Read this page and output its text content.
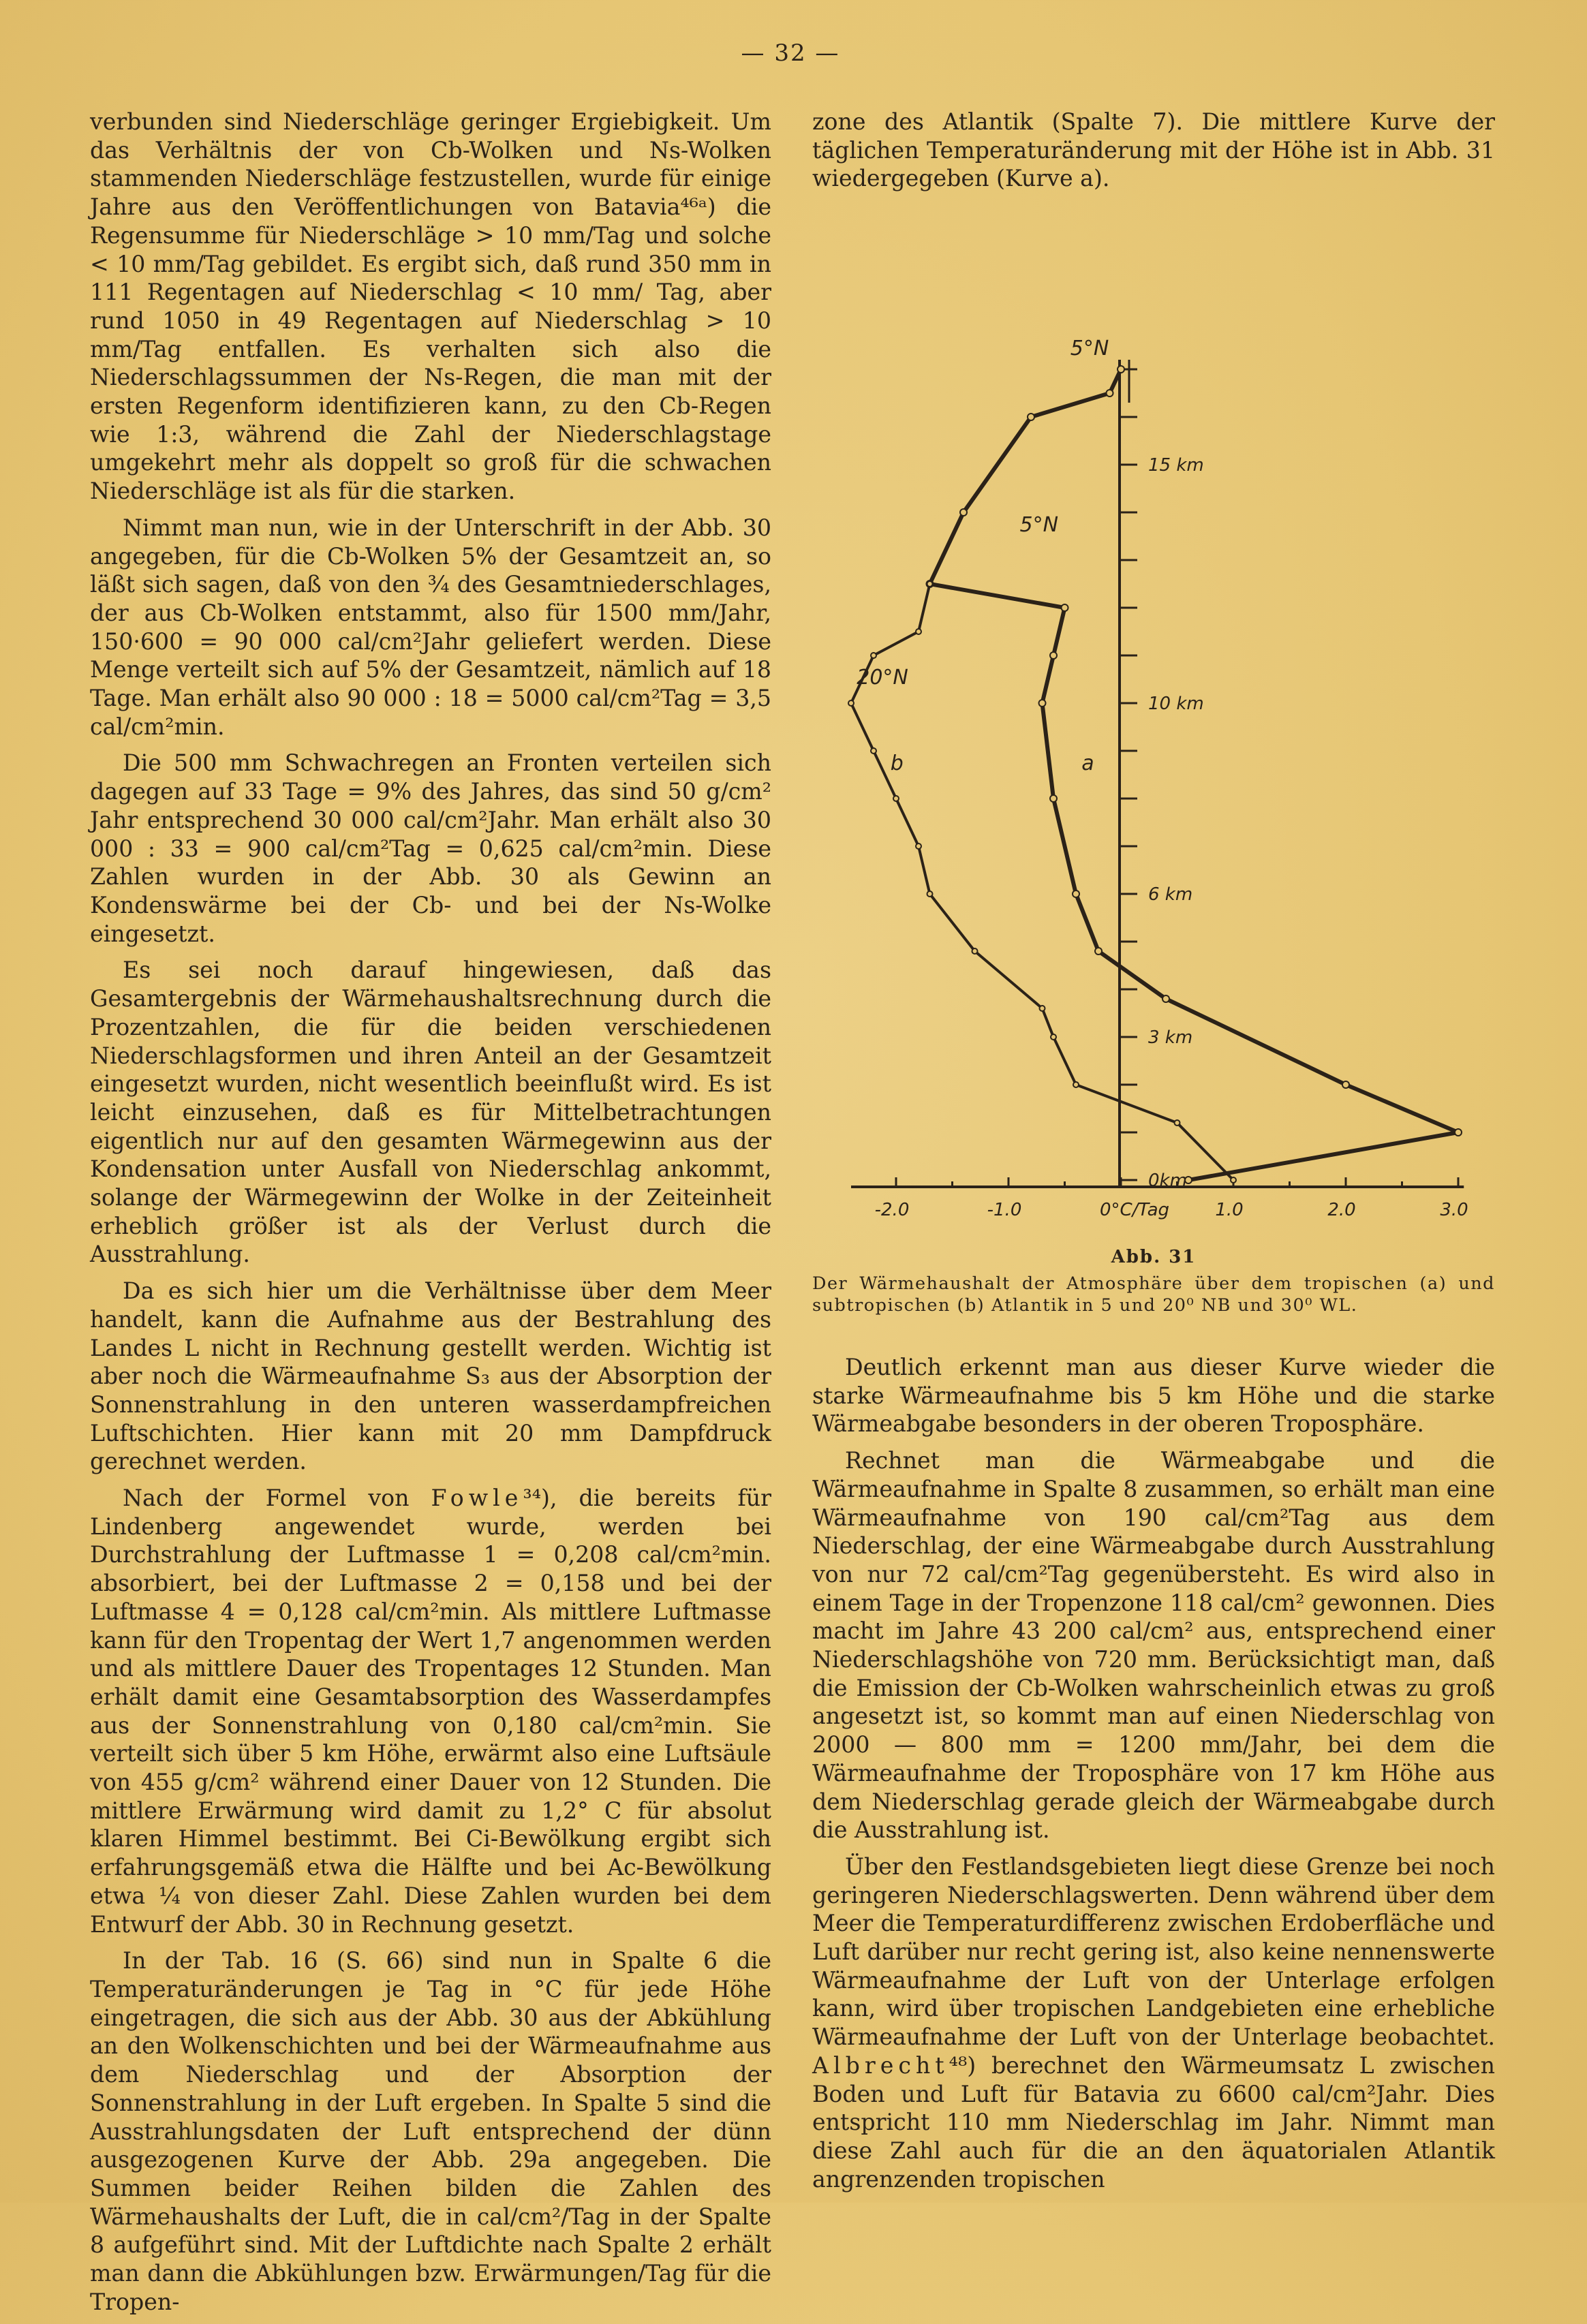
— 32 —

verbunden sind Niederschläge geringer Ergiebigkeit. Um das Verhältnis der von Cb-Wolken und Ns-Wolken stammenden Niederschläge festzustellen, wurde für einige Jahre aus den Veröffentlichungen von Batavia⁴⁶ᵃ) die Regensumme für Niederschläge > 10 mm/Tag und solche < 10 mm/Tag gebildet. Es ergibt sich, daß rund 350 mm in 111 Regentagen auf Niederschlag < 10 mm/ Tag, aber rund 1050 in 49 Regentagen auf Niederschlag > 10 mm/Tag entfallen. Es verhalten sich also die Niederschlagssummen der Ns-Regen, die man mit der ersten Regenform identifizieren kann, zu den Cb-Regen wie 1:3, während die Zahl der Niederschlagstage umgekehrt mehr als doppelt so groß für die schwachen Niederschläge ist als für die starken.

Nimmt man nun, wie in der Unterschrift in der Abb. 30 angegeben, für die Cb-Wolken 5% der Gesamtzeit an, so läßt sich sagen, daß von den ¾ des Gesamtniederschlages, der aus Cb-Wolken entstammt, also für 1500 mm/Jahr, 150·600 = 90 000 cal/cm²Jahr geliefert werden. Diese Menge verteilt sich auf 5% der Gesamtzeit, nämlich auf 18 Tage. Man erhält also 90 000 : 18 = 5000 cal/cm²Tag = 3,5 cal/cm²min.

Die 500 mm Schwachregen an Fronten verteilen sich dagegen auf 33 Tage = 9% des Jahres, das sind 50 g/cm² Jahr entsprechend 30 000 cal/cm²Jahr. Man erhält also 30 000 : 33 = 900 cal/cm²Tag = 0,625 cal/cm²min. Diese Zahlen wurden in der Abb. 30 als Gewinn an Kondenswärme bei der Cb- und bei der Ns-Wolke eingesetzt.

Es sei noch darauf hingewiesen, daß das Gesamtergebnis der Wärmehaushaltsrechnung durch die Prozentzahlen, die für die beiden verschiedenen Niederschlagsformen und ihren Anteil an der Gesamtzeit eingesetzt wurden, nicht wesentlich beeinflußt wird. Es ist leicht einzusehen, daß es für Mittelbetrachtungen eigentlich nur auf den gesamten Wärmegewinn aus der Kondensation unter Ausfall von Niederschlag ankommt, solange der Wärmegewinn der Wolke in der Zeiteinheit erheblich größer ist als der Verlust durch die Ausstrahlung.

Da es sich hier um die Verhältnisse über dem Meer handelt, kann die Aufnahme aus der Bestrahlung des Landes L nicht in Rechnung gestellt werden. Wichtig ist aber noch die Wärmeaufnahme S₃ aus der Absorption der Sonnenstrahlung in den unteren wasserdampfreichen Luftschichten. Hier kann mit 20 mm Dampfdruck gerechnet werden.

Nach der Formel von Fowle³⁴), die bereits für Lindenberg angewendet wurde, werden bei Durchstrahlung der Luftmasse 1 = 0,208 cal/cm²min. absorbiert, bei der Luftmasse 2 = 0,158 und bei der Luftmasse 4 = 0,128 cal/cm²min. Als mittlere Luftmasse kann für den Tropentag der Wert 1,7 angenommen werden und als mittlere Dauer des Tropentages 12 Stunden. Man erhält damit eine Gesamtabsorption des Wasserdampfes aus der Sonnenstrahlung von 0,180 cal/cm²min. Sie verteilt sich über 5 km Höhe, erwärmt also eine Luftsäule von 455 g/cm² während einer Dauer von 12 Stunden. Die mittlere Erwärmung wird damit zu 1,2° C für absolut klaren Himmel bestimmt. Bei Ci-Bewölkung ergibt sich erfahrungsgemäß etwa die Hälfte und bei Ac-Bewölkung etwa ¼ von dieser Zahl. Diese Zahlen wurden bei dem Entwurf der Abb. 30 in Rechnung gesetzt.

In der Tab. 16 (S. 66) sind nun in Spalte 6 die Temperaturänderungen je Tag in °C für jede Höhe eingetragen, die sich aus der Abb. 30 aus der Abkühlung an den Wolkenschichten und bei der Wärmeaufnahme aus dem Niederschlag und der Absorption der Sonnenstrahlung in der Luft ergeben. In Spalte 5 sind die Ausstrahlungsdaten der Luft entsprechend der dünn ausgezogenen Kurve der Abb. 29a angegeben. Die Summen beider Reihen bilden die Zahlen des Wärmehaushalts der Luft, die in cal/cm²/Tag in der Spalte 8 aufgeführt sind. Mit der Luftdichte nach Spalte 2 erhält man dann die Abkühlungen bzw. Erwärmungen/Tag für die Tropen-

zone des Atlantik (Spalte 7). Die mittlere Kurve der täglichen Temperaturänderung mit der Höhe ist in Abb. 31 wiedergegeben (Kurve a).

-2.0	-1.0	0°C/Tag	1.0	2.0	3.0
15 km
10 km
6 km
3 km
0km
a
b
5°N
20°N
5°N
Abb. 31
Der Wärmehaushalt der Atmosphäre über dem tropischen (a) und subtropischen (b) Atlantik in 5 und 20⁰ NB und 30⁰ WL.

Deutlich erkennt man aus dieser Kurve wieder die starke Wärmeaufnahme bis 5 km Höhe und die starke Wärmeabgabe besonders in der oberen Troposphäre.

Rechnet man die Wärmeabgabe und die Wärmeaufnahme in Spalte 8 zusammen, so erhält man eine Wärmeaufnahme von 190 cal/cm²Tag aus dem Niederschlag, der eine Wärmeabgabe durch Ausstrahlung von nur 72 cal/cm²Tag gegenübersteht. Es wird also in einem Tage in der Tropenzone 118 cal/cm² gewonnen. Dies macht im Jahre 43 200 cal/cm² aus, entsprechend einer Niederschlagshöhe von 720 mm. Berücksichtigt man, daß die Emission der Cb-Wolken wahrscheinlich etwas zu groß angesetzt ist, so kommt man auf einen Niederschlag von 2000 — 800 mm = 1200 mm/Jahr, bei dem die Wärmeaufnahme der Troposphäre von 17 km Höhe aus dem Niederschlag gerade gleich der Wärmeabgabe durch die Ausstrahlung ist.

Über den Festlandsgebieten liegt diese Grenze bei noch geringeren Niederschlagswerten. Denn während über dem Meer die Temperaturdifferenz zwischen Erdoberfläche und Luft darüber nur recht gering ist, also keine nennenswerte Wärmeaufnahme der Luft von der Unterlage erfolgen kann, wird über tropischen Landgebieten eine erhebliche Wärmeaufnahme der Luft von der Unterlage beobachtet. Albrecht⁴⁸) berechnet den Wärmeumsatz L zwischen Boden und Luft für Batavia zu 6600 cal/cm²Jahr. Dies entspricht 110 mm Niederschlag im Jahr. Nimmt man diese Zahl auch für die an den äquatorialen Atlantik angrenzenden tropischen
